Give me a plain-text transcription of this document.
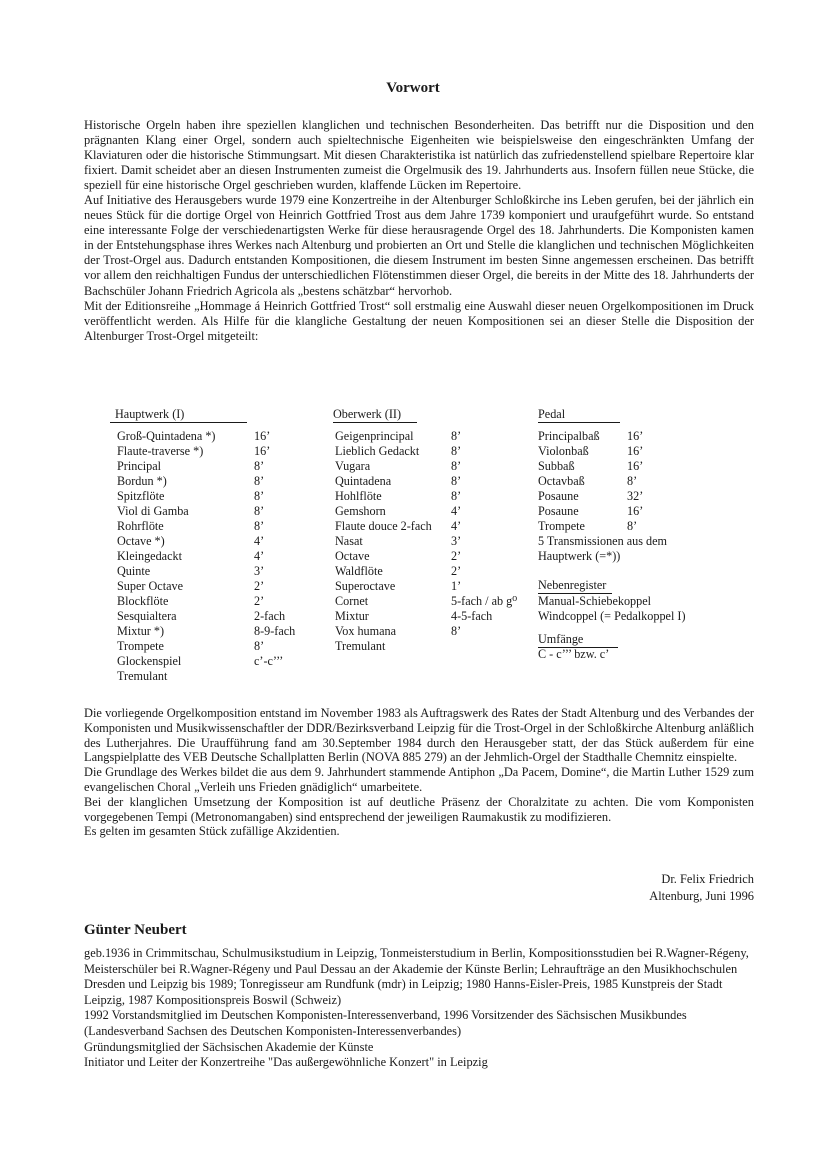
Vorwort

Historische Orgeln haben ihre speziellen klanglichen und technischen Besonderheiten. Das betrifft nur die Disposition und den prägnanten Klang einer Orgel, sondern auch spieltechnische Eigenheiten wie beispielsweise den eingeschränkten Umfang der Klaviaturen oder die historische Stimmungsart. Mit diesen Charakteristika ist natürlich das zufriedenstellend spielbare Repertoire klar fixiert. Damit scheidet aber an diesen Instrumenten zumeist die Orgelmusik des 19. Jahrhunderts aus. Insofern füllen neue Stücke, die speziell für eine historische Orgel geschrieben wurden, klaffende Lücken im Repertoire.

Auf Initiative des Herausgebers wurde 1979 eine Konzertreihe in der Altenburger Schloßkirche ins Leben gerufen, bei der jährlich ein neues Stück für die dortige Orgel von Heinrich Gottfried Trost aus dem Jahre 1739 komponiert und uraufgeführt wurde. So entstand eine interessante Folge der verschiedenartigsten Werke für diese herausragende Orgel des 18. Jahrhunderts. Die Komponisten kamen in der Entstehungsphase ihres Werkes nach Altenburg und probierten an Ort und Stelle die klanglichen und technischen Möglichkeiten der Trost-Orgel aus. Dadurch entstanden Kompositionen, die diesem Instrument im besten Sinne angemessen erscheinen. Das betrifft vor allem den reichhaltigen Fundus der unterschiedlichen Flötenstimmen dieser Orgel, die bereits in der Mitte des 18. Jahrhunderts der Bachschüler Johann Friedrich Agricola als „bestens schätzbar“ hervorhob.

Mit der Editionsreihe „Hommage á Heinrich Gottfried Trost“ soll erstmalig eine Auswahl dieser neuen Orgelkompositionen im Druck veröffentlicht werden. Als Hilfe für die klangliche Gestaltung der neuen Kompositionen sei an dieser Stelle die Disposition der Altenburger Trost-Orgel mitgeteilt:

Hauptwerk (I)
Groß-Quintadena *)	16’
Flaute-traverse *)	16’
Principal	8’
Bordun *)	8’
Spitzflöte	8’
Viol di Gamba	8’
Rohrflöte	8’
Octave *)	4’
Kleingedackt	4’
Quinte	3’
Super Octave	2’
Blockflöte	2’
Sesquialtera	2-fach
Mixtur *)	8-9-fach
Trompete	8’
Glockenspiel	c’-c’’’
Tremulant
Oberwerk (II)
Geigenprincipal	8’
Lieblich Gedackt	8’
Vugara	8’
Quintadena	8’
Hohlflöte	8’
Gemshorn	4’
Flaute douce 2-fach	4’
Nasat	3’
Octave	2’
Waldflöte	2’
Superoctave	1’
Cornet	5-fach / ab g⁰
Mixtur	4-5-fach
Vox humana	8’
Tremulant
Pedal
Principalbaß	16’
Violonbaß	16’
Subbaß	16’
Octavbaß	8’
Posaune	32’
Posaune	16’
Trompete	8’
5 Transmissionen aus dem
Hauptwerk (=*))
Nebenregister
Manual-Schiebekoppel
Windcoppel (= Pedalkoppel I)
Umfänge
C - c’’’ bzw. c’

Die vorliegende Orgelkomposition entstand im November 1983 als Auftragswerk des Rates der Stadt Altenburg und des Verbandes der Komponisten und Musikwissenschaftler der DDR/Bezirksverband Leipzig für die Trost-Orgel in der Schloßkirche Altenburg anläßlich des Lutherjahres. Die Uraufführung fand am 30.September 1984 durch den Herausgeber statt, der das Stück außerdem für eine Langspielplatte des VEB Deutsche Schallplatten Berlin (NOVA 885 279) an der Jehmlich-Orgel der Stadthalle Chemnitz einspielte.

Die Grundlage des Werkes bildet die aus dem 9. Jahrhundert stammende Antiphon „Da Pacem, Domine“, die Martin Luther 1529 zum evangelischen Choral „Verleih uns Frieden gnädiglich“ umarbeitete.

Bei der klanglichen Umsetzung der Komposition ist auf deutliche Präsenz der Choralzitate zu achten. Die vom Komponisten vorgegebenen Tempi (Metronomangaben) sind entsprechend der jeweiligen Raumakustik zu modifizieren.

Es gelten im gesamten Stück zufällige Akzidentien.

Dr. Felix Friedrich
Altenburg, Juni 1996
Günter Neubert

geb.1936 in Crimmitschau, Schulmusikstudium in Leipzig, Tonmeisterstudium in Berlin, Kompositionsstudien bei R.Wagner-Régeny, Meisterschüler bei R.Wagner-Régeny und Paul Dessau an der Akademie der Künste Berlin; Lehraufträge an den Musikhochschulen Dresden und Leipzig bis 1989; Tonregisseur am Rundfunk (mdr) in Leipzig; 1980 Hanns-Eisler-Preis, 1985 Kunstpreis der Stadt Leipzig, 1987 Kompositionspreis Boswil (Schweiz)

1992 Vorstandsmitglied im Deutschen Komponisten-Interessenverband, 1996 Vorsitzender des Sächsischen Musikbundes (Landesverband Sachsen des Deutschen Komponisten-Interessenverbandes)

Gründungsmitglied der Sächsischen Akademie der Künste

Initiator und Leiter der Konzertreihe "Das außergewöhnliche Konzert" in Leipzig
